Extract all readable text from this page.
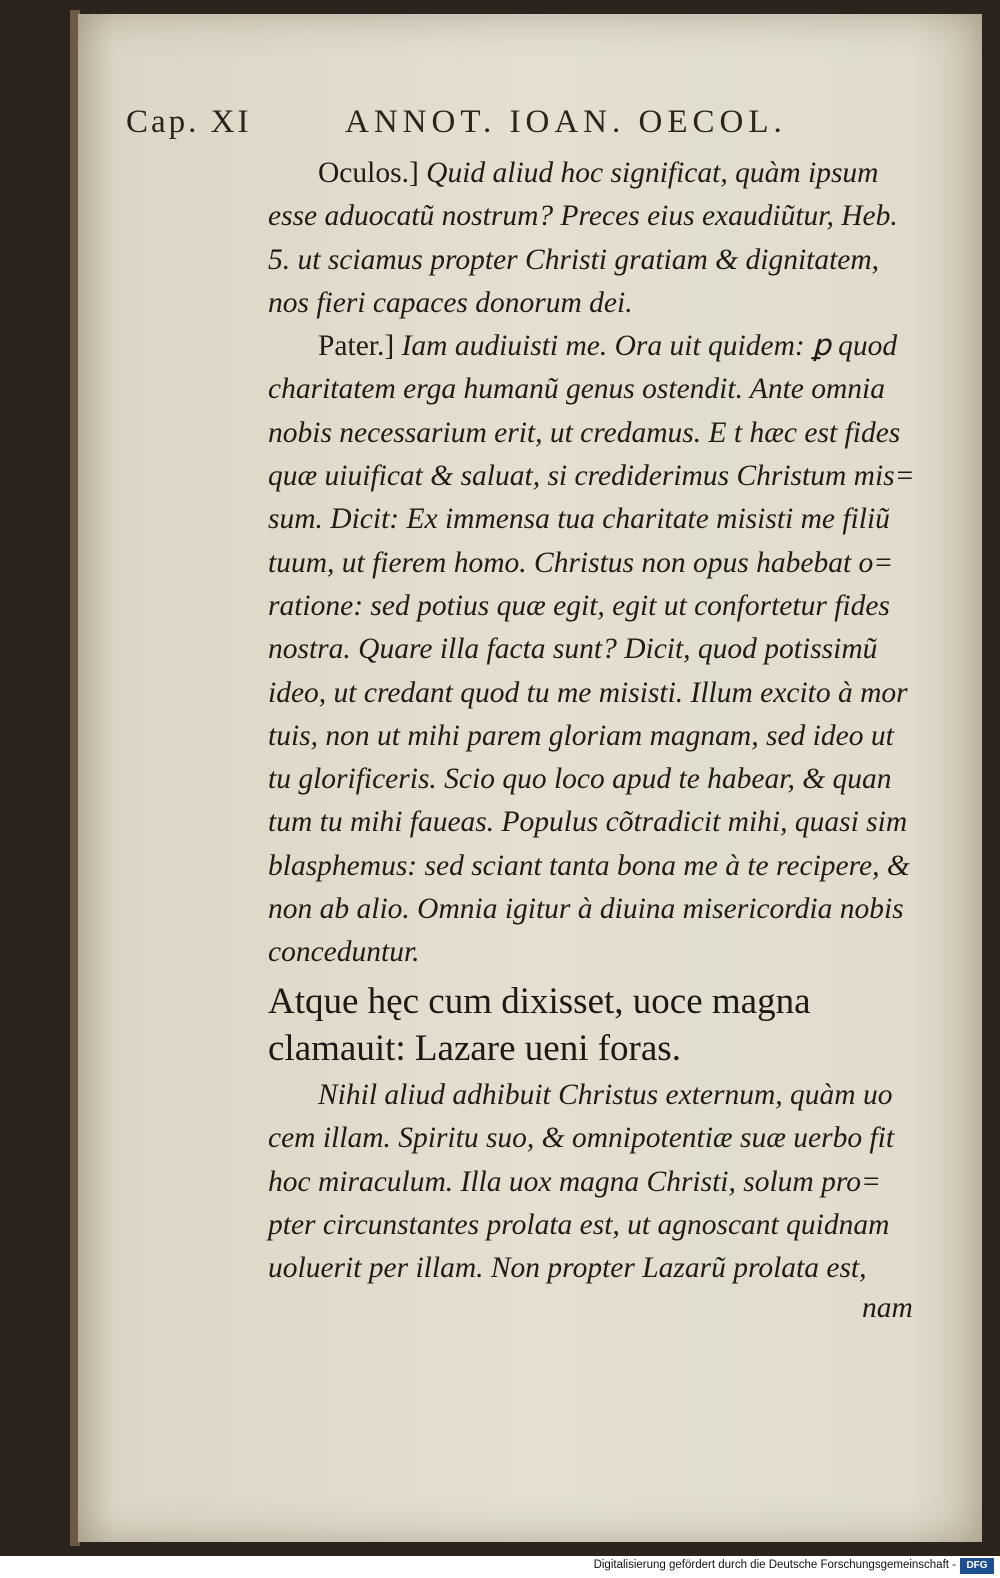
Cap. XI	ANNOT. IOAN. OECOL.
Oculos.] Quid aliud hoc significat, quàm ipsum
esse aduocatũ nostrum? Preces eius exaudiũtur, Heb.
5. ut sciamus propter Christi gratiam & dignitatem,
nos fieri capaces donorum dei.
Pater.] Iam audiuisti me. Ora uit quidem: ꝑ quod
charitatem erga humanũ genus ostendit. Ante omnia
nobis necessarium erit, ut credamus. E t hæc est fides
quæ uiuificat & saluat, si crediderimus Christum mis=
sum. Dicit: Ex immensa tua charitate misisti me filiũ
tuum, ut fierem homo. Christus non opus habebat o=
ratione: sed potius quæ egit, egit ut confortetur fides
nostra. Quare illa facta sunt? Dicit, quod potissimũ
ideo, ut credant quod tu me misisti. Illum excito à mor
tuis, non ut mihi parem gloriam magnam, sed ideo ut
tu glorificeris. Scio quo loco apud te habear, & quan
tum tu mihi faueas. Populus cõtradicit mihi, quasi sim
blasphemus: sed sciant tanta bona me à te recipere, &
non ab alio. Omnia igitur à diuina misericordia nobis
conceduntur.
Atque hęc cum dixisset, uoce magna
clamauit: Lazare ueni foras.
Nihil aliud adhibuit Christus externum, quàm uo
cem illam. Spiritu suo, & omnipotentiæ suæ uerbo fit
hoc miraculum. Illa uox magna Christi, solum pro=
pter circunstantes prolata est, ut agnoscant quidnam
uoluerit per illam. Non propter Lazarũ prolata est,
nam
Digitalisierung gefördert durch die Deutsche Forschungsgemeinschaft -	DFG
